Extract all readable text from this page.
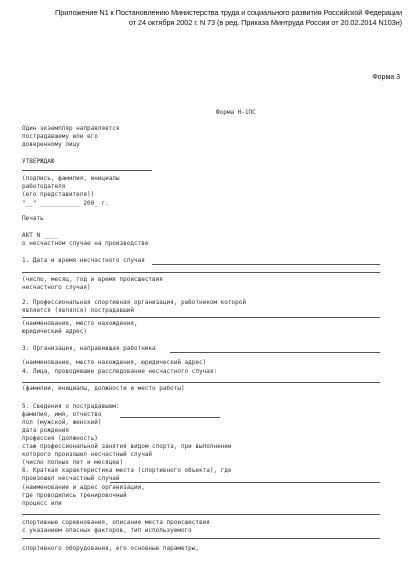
Приложение N1 к Постановлению Министерства труда и социального развития Российской Федерации
от 24 октября 2002 г. N 73 (в ред. Приказа Минтруда России от 20.02.2014 N103н)
Форма 3
Форма Н-1ПС
Один экземпляр направляется
пострадавшему или его
доверенному лицу
УТВЕРЖДАЮ
(подпись, фамилия, инициалы
работодателя
(его представителя))
"__" ___________ 200_ г.
Печать
АКТ N ____
о несчастном случае на производстве
1. Дата и время несчастного случая
(число, месяц, год и время происшествия
несчастного случая)
2. Профессиональная спортивная организация, работником которой
является (являлся) пострадавший
(наименование, место нахождения,
юридический адрес)
3. Организация, направившая работника
(наименование, место нахождения, юридический адрес)
4. Лица, проводившие расследование несчастного случая:
(фамилии, инициалы, должности и место работы)
5. Сведения о пострадавшем:
фамилия, имя, отчество
пол (мужской, женский)
дата рождения
профессия (должность)
стаж профессиональной занятия видом спорта, при выполнении
которого произошел несчастный случай
(число полных лет и месяцев)
6. Краткая характеристика места (спортивного объекта), где
произошел несчастный случай
(наименование и адрес организации,
где проводились тренировочный
процесс или
спортивные соревнования, описание места происшествия
с указанием опасных факторов, тип используемого
спортивного оборудования, его основные параметры,
